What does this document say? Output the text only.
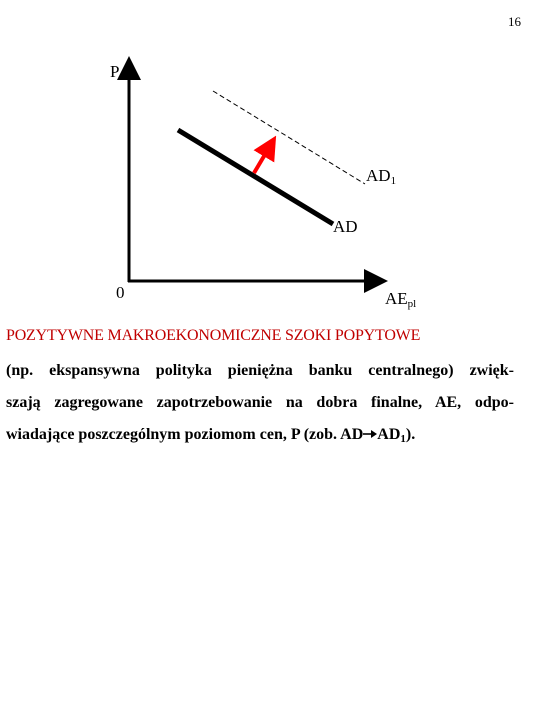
16
P
0
$AD_1$
AD
$AE_{pl}$
POZYTYWNE MAKROEKONOMICZNE SZOKI POPYTOWE
(np. ekspansywna polityka pieniężna banku centralnego) zwięk-
szają zagregowane zapotrzebowanie na dobra finalne, AE, odpo-
wiadające poszczególnym poziomom cen, P (zob. AD $AD_1$).
